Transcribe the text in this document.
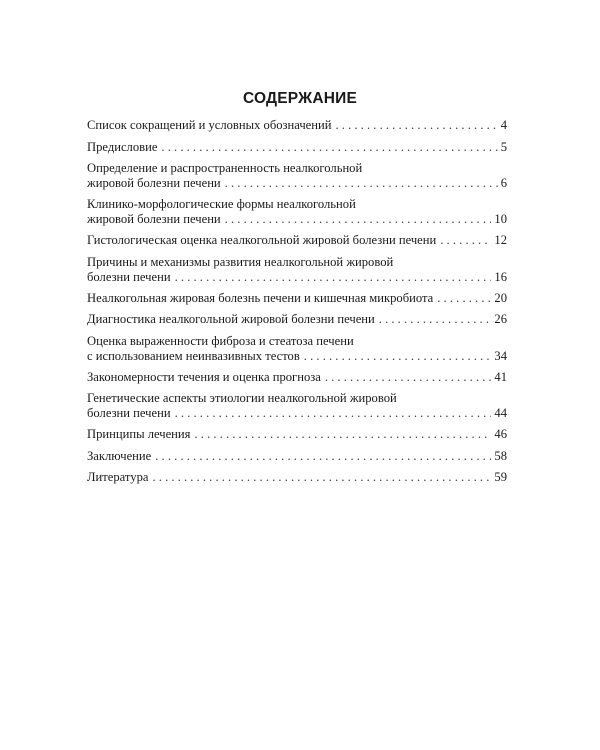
СОДЕРЖАНИЕ
Список сокращений и условных обозначений . . .	4
Предисловие . . .	5
Определение и распространенность неалкогольной
жировой болезни печени . . .	6
Клинико-морфологические формы неалкогольной
жировой болезни печени . . .	10
Гистологическая оценка неалкогольной жировой болезни печени . . .	12
Причины и механизмы развития неалкогольной жировой
болезни печени . . .	16
Неалкогольная жировая болезнь печени и кишечная микробиота . . .	20
Диагностика неалкогольной жировой болезни печени . . .	26
Оценка выраженности фиброза и стеатоза печени
с использованием неинвазивных тестов . . .	34
Закономерности течения и оценка прогноза . . .	41
Генетические аспекты этиологии неалкогольной жировой
болезни печени . . .	44
Принципы лечения . . .	46
Заключение . . .	58
Литература . . .	59
